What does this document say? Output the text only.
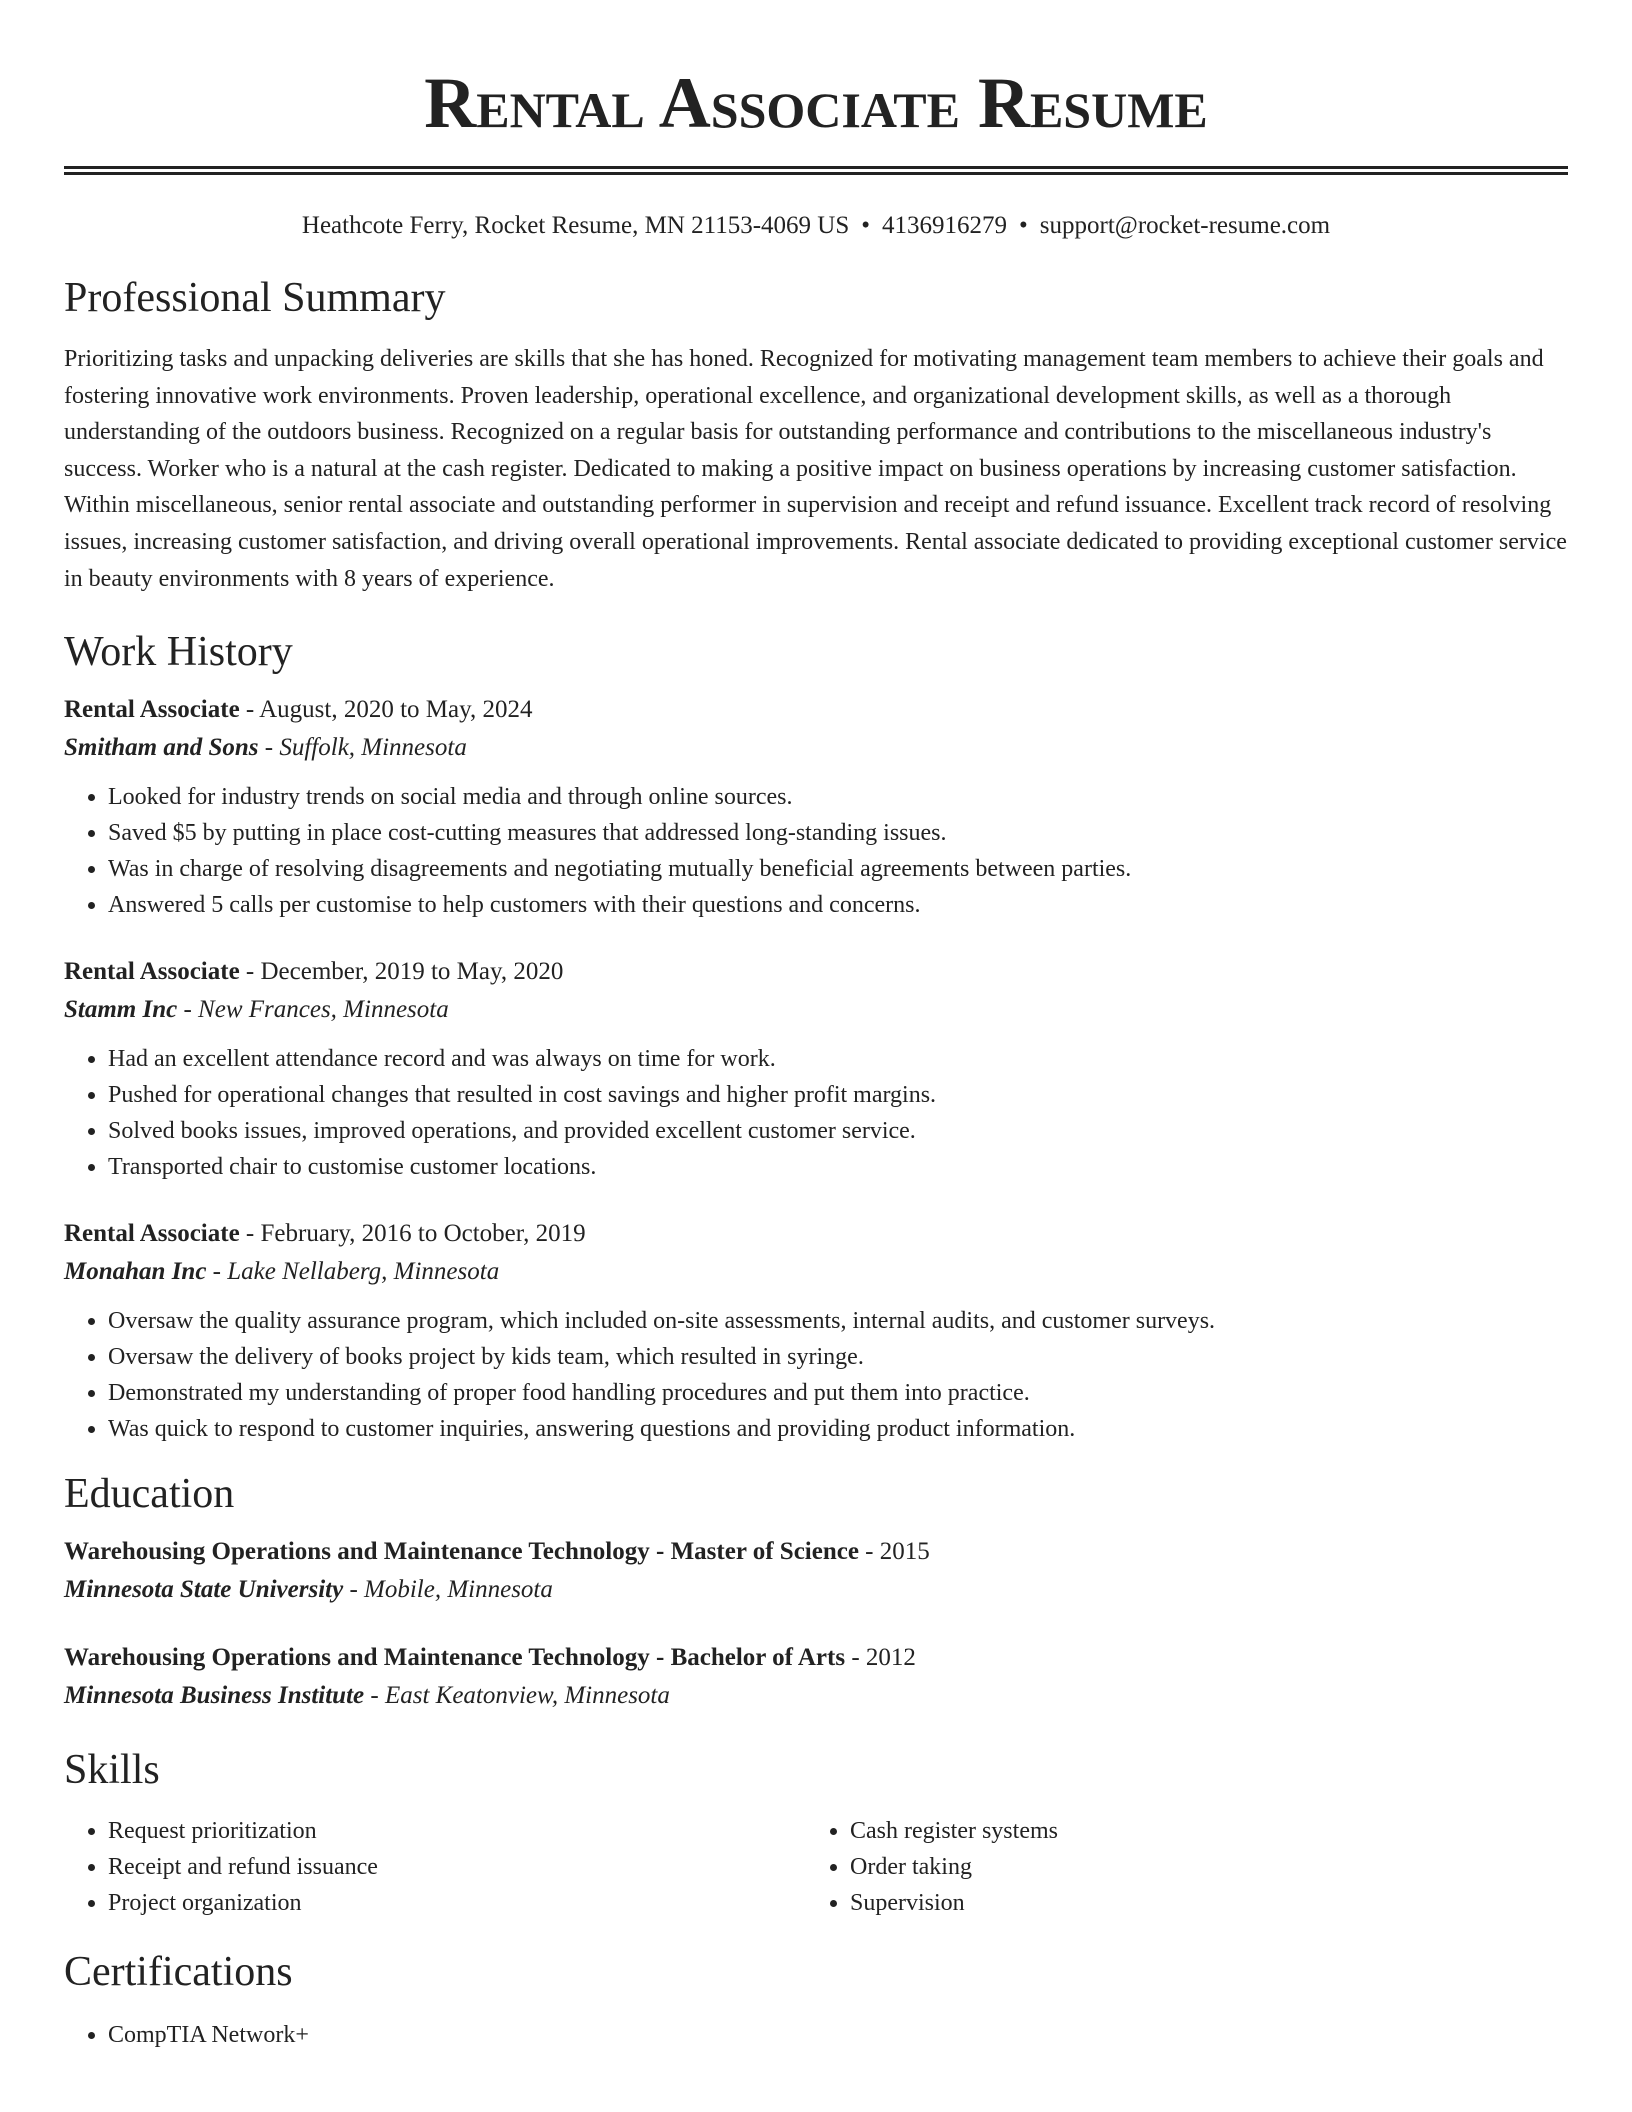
Rental Associate Resume
Heathcote Ferry, Rocket Resume, MN 21153-4069 US • 4136916279 • support@rocket-resume.com
Professional Summary
Prioritizing tasks and unpacking deliveries are skills that she has honed. Recognized for motivating management team members to achieve their goals and fostering innovative work environments. Proven leadership, operational excellence, and organizational development skills, as well as a thorough understanding of the outdoors business. Recognized on a regular basis for outstanding performance and contributions to the miscellaneous industry's success. Worker who is a natural at the cash register. Dedicated to making a positive impact on business operations by increasing customer satisfaction. Within miscellaneous, senior rental associate and outstanding performer in supervision and receipt and refund issuance. Excellent track record of resolving issues, increasing customer satisfaction, and driving overall operational improvements. Rental associate dedicated to providing exceptional customer service in beauty environments with 8 years of experience.
Work History
Rental Associate - August, 2020 to May, 2024
Smitham and Sons - Suffolk, Minnesota
• Looked for industry trends on social media and through online sources.
• Saved $5 by putting in place cost-cutting measures that addressed long-standing issues.
• Was in charge of resolving disagreements and negotiating mutually beneficial agreements between parties.
• Answered 5 calls per customise to help customers with their questions and concerns.
Rental Associate - December, 2019 to May, 2020
Stamm Inc - New Frances, Minnesota
• Had an excellent attendance record and was always on time for work.
• Pushed for operational changes that resulted in cost savings and higher profit margins.
• Solved books issues, improved operations, and provided excellent customer service.
• Transported chair to customise customer locations.
Rental Associate - February, 2016 to October, 2019
Monahan Inc - Lake Nellaberg, Minnesota
• Oversaw the quality assurance program, which included on-site assessments, internal audits, and customer surveys.
• Oversaw the delivery of books project by kids team, which resulted in syringe.
• Demonstrated my understanding of proper food handling procedures and put them into practice.
• Was quick to respond to customer inquiries, answering questions and providing product information.
Education
Warehousing Operations and Maintenance Technology - Master of Science - 2015
Minnesota State University - Mobile, Minnesota
Warehousing Operations and Maintenance Technology - Bachelor of Arts - 2012
Minnesota Business Institute - East Keatonview, Minnesota
Skills
• Request prioritization
• Receipt and refund issuance
• Project organization
• Cash register systems
• Order taking
• Supervision
Certifications
• CompTIA Network+
